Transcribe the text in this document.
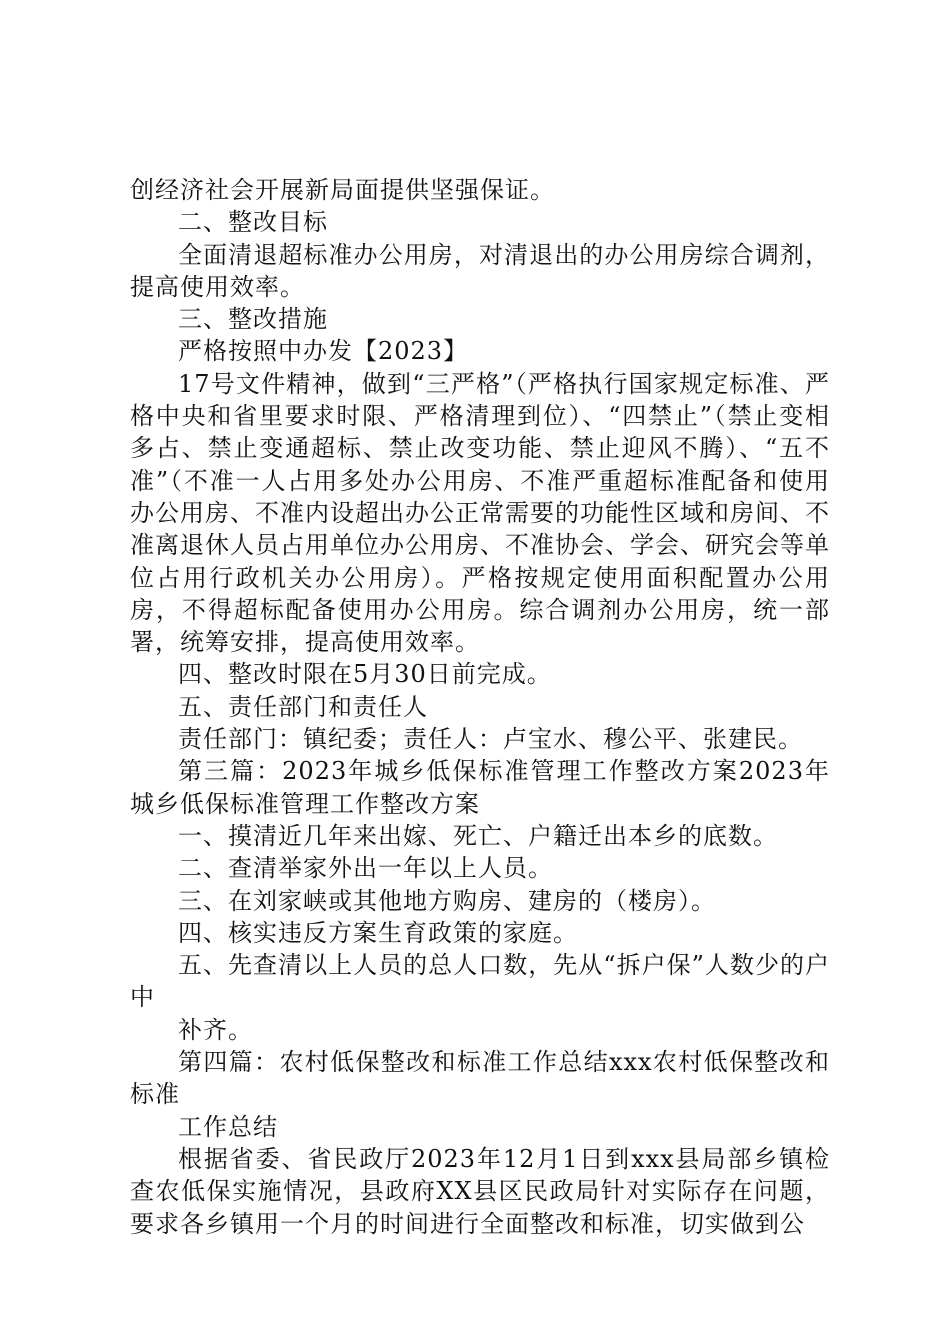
创经济社会开展新局面提供坚强保证。

二、整改目标

全面清退超标准办公用房，对清退出的办公用房综合调剂，提高使用效率。

三、整改措施

严格按照中办发【2023】

17号文件精神，做到“三严格”（严格执行国家规定标准、严格中央和省里要求时限、严格清理到位）、“四禁止”（禁止变相多占、禁止变通超标、禁止改变功能、禁止迎风不腾）、“五不准”（不准一人占用多处办公用房、不准严重超标准配备和使用办公用房、不准内设超出办公正常需要的功能性区域和房间、不准离退休人员占用单位办公用房、不准协会、学会、研究会等单位占用行政机关办公用房）。严格按规定使用面积配置办公用房，不得超标配备使用办公用房。综合调剂办公用房，统一部署，统筹安排，提高使用效率。

四、整改时限在5月30日前完成。

五、责任部门和责任人

责任部门：镇纪委；责任人：卢宝水、穆公平、张建民。

第三篇：2023年城乡低保标准管理工作整改方案2023年城乡低保标准管理工作整改方案

一、摸清近几年来出嫁、死亡、户籍迁出本乡的底数。

二、查清举家外出一年以上人员。

三、在刘家峡或其他地方购房、建房的（楼房）。

四、核实违反方案生育政策的家庭。

五、先查清以上人员的总人口数，先从“拆户保”人数少的户中

补齐。

第四篇：农村低保整改和标准工作总结xxx农村低保整改和标准

工作总结

根据省委、省民政厅2023年12月1日到xxx县局部乡镇检查农低保实施情况，县政府XX县区民政局针对实际存在问题，要求各乡镇用一个月的时间进行全面整改和标准，切实做到公
